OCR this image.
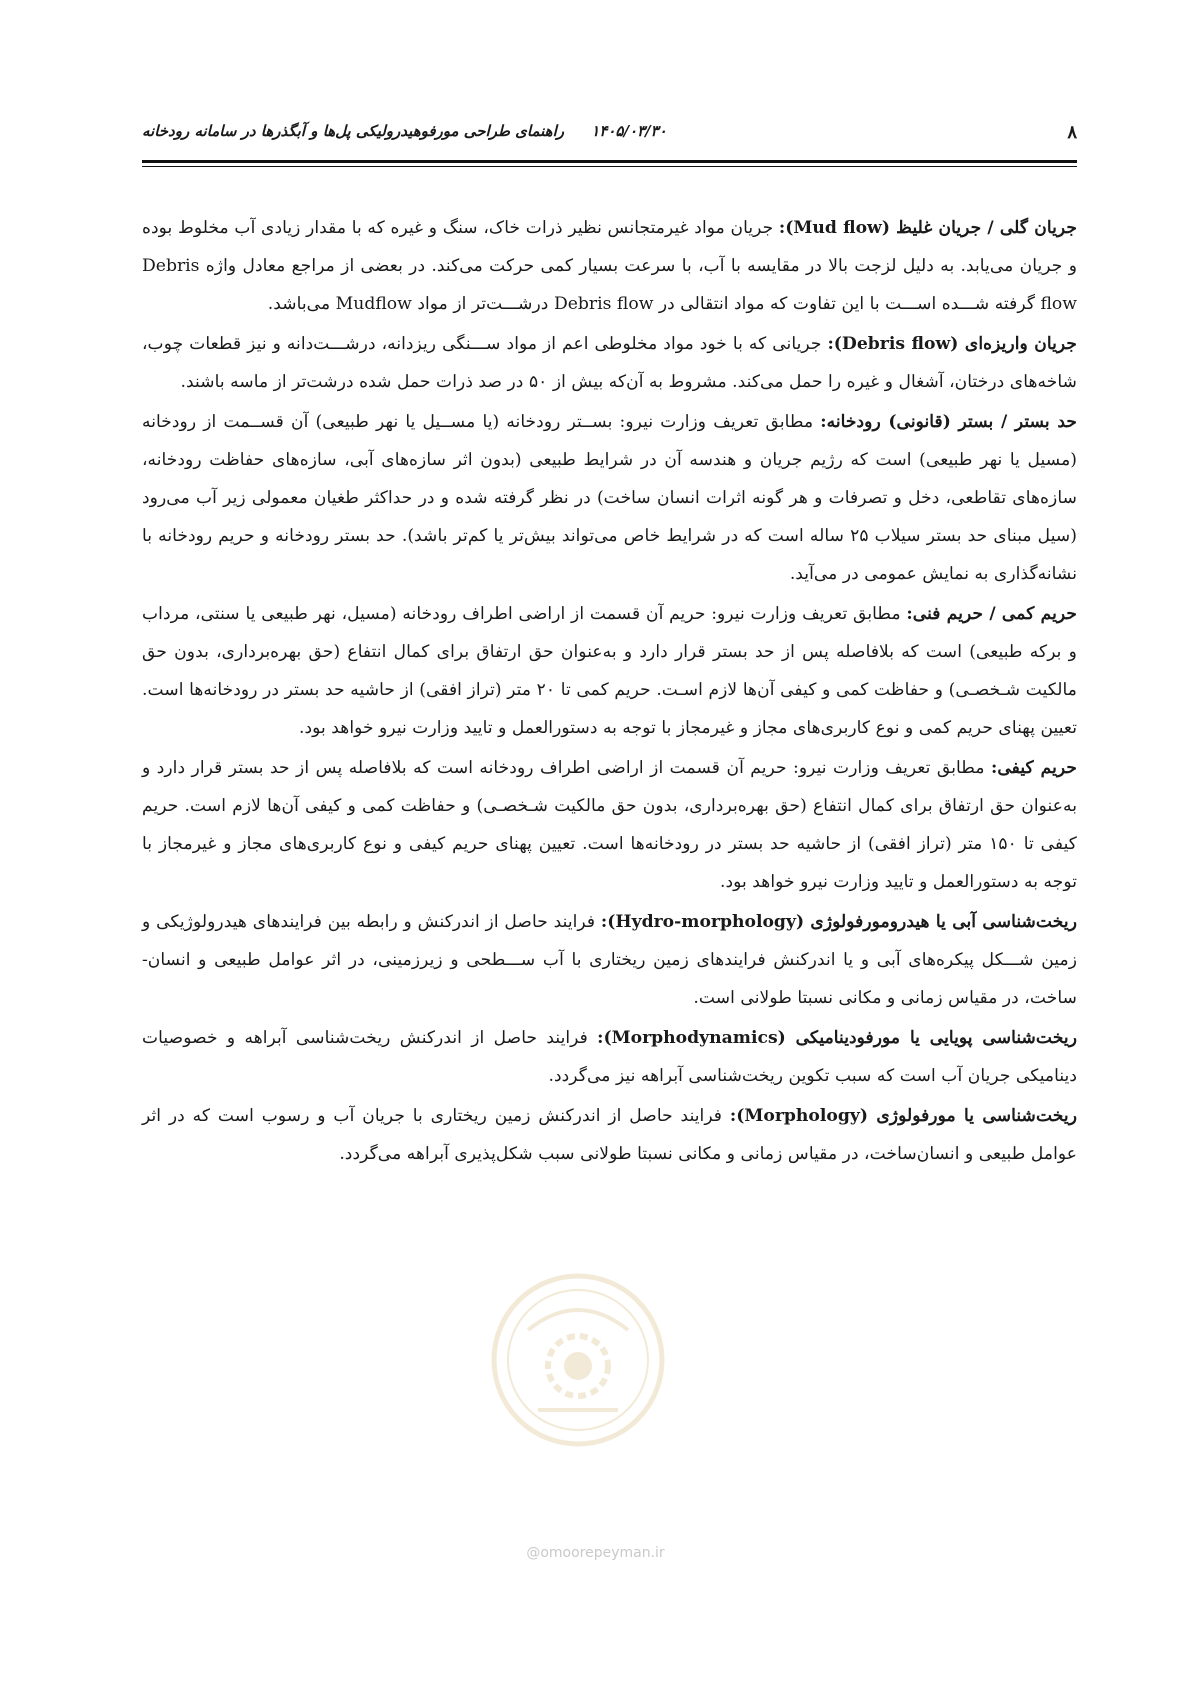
۸
۱۴۰۵/۰۳/۳۰ راهنمای طراحی مورفوهیدرولیکی پل‌ها و آبگذرها در سامانه رودخانه

جریان گلی / جریان غلیظ (Mud flow): جریان مواد غیرمتجانس نظیر ذرات خاک، سنگ و غیره که با مقدار زیادی آب مخلوط بوده و جریان می‌یابد. به دلیل لزجت بالا در مقایسه با آب، با سرعت بسیار کمی حرکت می‌کند. در بعضی از مراجع معادل واژه Debris flow گرفته شـــده اســـت با این تفاوت که مواد انتقالی در Debris flow درشـــت‌تر از مواد Mudflow می‌باشد.

جریان واریزه‌ای (Debris flow): جریانی که با خود مواد مخلوطی اعم از مواد ســـنگی ریزدانه، درشـــت‌دانه و نیز قطعات چوب، شاخه‌های درختان، آشغال و غیره را حمل می‌کند. مشروط به آن‌که بیش از ۵۰ در صد ذرات حمل شده درشت‌تر از ماسه باشند.

حد بستر / بستر (قانونی) رودخانه: مطابق تعریف وزارت نیرو: بســتر رودخانه (یا مســیل یا نهر طبیعی) آن قســمت از رودخانه (مسیل یا نهر طبیعی) است که رژیم جریان و هندسه آن در شرایط طبیعی (بدون اثر سازه‌های آبی، سازه‌های حفاظت رودخانه، سازه‌های تقاطعی، دخل و تصرفات و هر گونه اثرات انسان ساخت) در نظر گرفته شده و در حداکثر طغیان معمولی زیر آب می‌رود (سیل مبنای حد بستر سیلاب ۲۵ ساله است که در شرایط خاص می‌تواند بیش‌تر یا کم‌تر باشد). حد بستر رودخانه و حریم رودخانه با نشانه‌گذاری به نمایش عمومی در می‌آید.

حریم کمی / حریم فنی: مطابق تعریف وزارت نیرو: حریم آن قسمت از اراضی اطراف رودخانه (مسیل، نهر طبیعی یا سنتی، مرداب و برکه طبیعی) است که بلافاصله پس از حد بستر قرار دارد و به‌عنوان حق ارتفاق برای کمال انتفاع (حق بهره‌برداری، بدون حق مالکیت شـخصـی) و حفاظت کمی و کیفی آن‌ها لازم اسـت. حریم کمی تا ۲۰ متر (تراز افقی) از حاشیه حد بستر در رودخانه‌ها است. تعیین پهنای حریم کمی و نوع کاربری‌های مجاز و غیرمجاز با توجه به دستورالعمل و تایید وزارت نیرو خواهد بود.

حریم کیفی: مطابق تعریف وزارت نیرو: حریم آن قسمت از اراضی اطراف رودخانه است که بلافاصله پس از حد بستر قرار دارد و به‌عنوان حق ارتفاق برای کمال انتفاع (حق بهره‌برداری، بدون حق مالکیت شـخصـی) و حفاظت کمی و کیفی آن‌ها لازم است. حریم کیفی تا ۱۵۰ متر (تراز افقی) از حاشیه حد بستر در رودخانه‌ها است. تعیین پهنای حریم کیفی و نوع کاربری‌های مجاز و غیرمجاز با توجه به دستورالعمل و تایید وزارت نیرو خواهد بود.

ریخت‌شناسی آبی یا هیدرومورفولوژی (Hydro-morphology): فرایند حاصل از اندرکنش و رابطه بین فرایندهای هیدرولوژیکی و زمین شـــکل پیکره‌های آبی و یا اندرکنش فرایندهای زمین ریختاری با آب ســـطحی و زیرزمینی، در اثر عوامل طبیعی و انسان- ساخت، در مقیاس زمانی و مکانی نسبتا طولانی است.

ریخت‌شناسی پویایی یا مورفودینامیکی (Morphodynamics): فرایند حاصل از اندرکنش ریخت‌شناسی آبراهه و خصوصیات دینامیکی جریان آب است که سبب تکوین ریخت‌شناسی آبراهه نیز می‌گردد.

ریخت‌شناسی یا مورفولوژی (Morphology): فرایند حاصل از اندرکنش زمین ریختاری با جریان آب و رسوب است که در اثر عوامل طبیعی و انسان‌ساخت، در مقیاس زمانی و مکانی نسبتا طولانی سبب شکل‌پذیری آبراهه می‌گردد.

@omoorepeyman.ir
